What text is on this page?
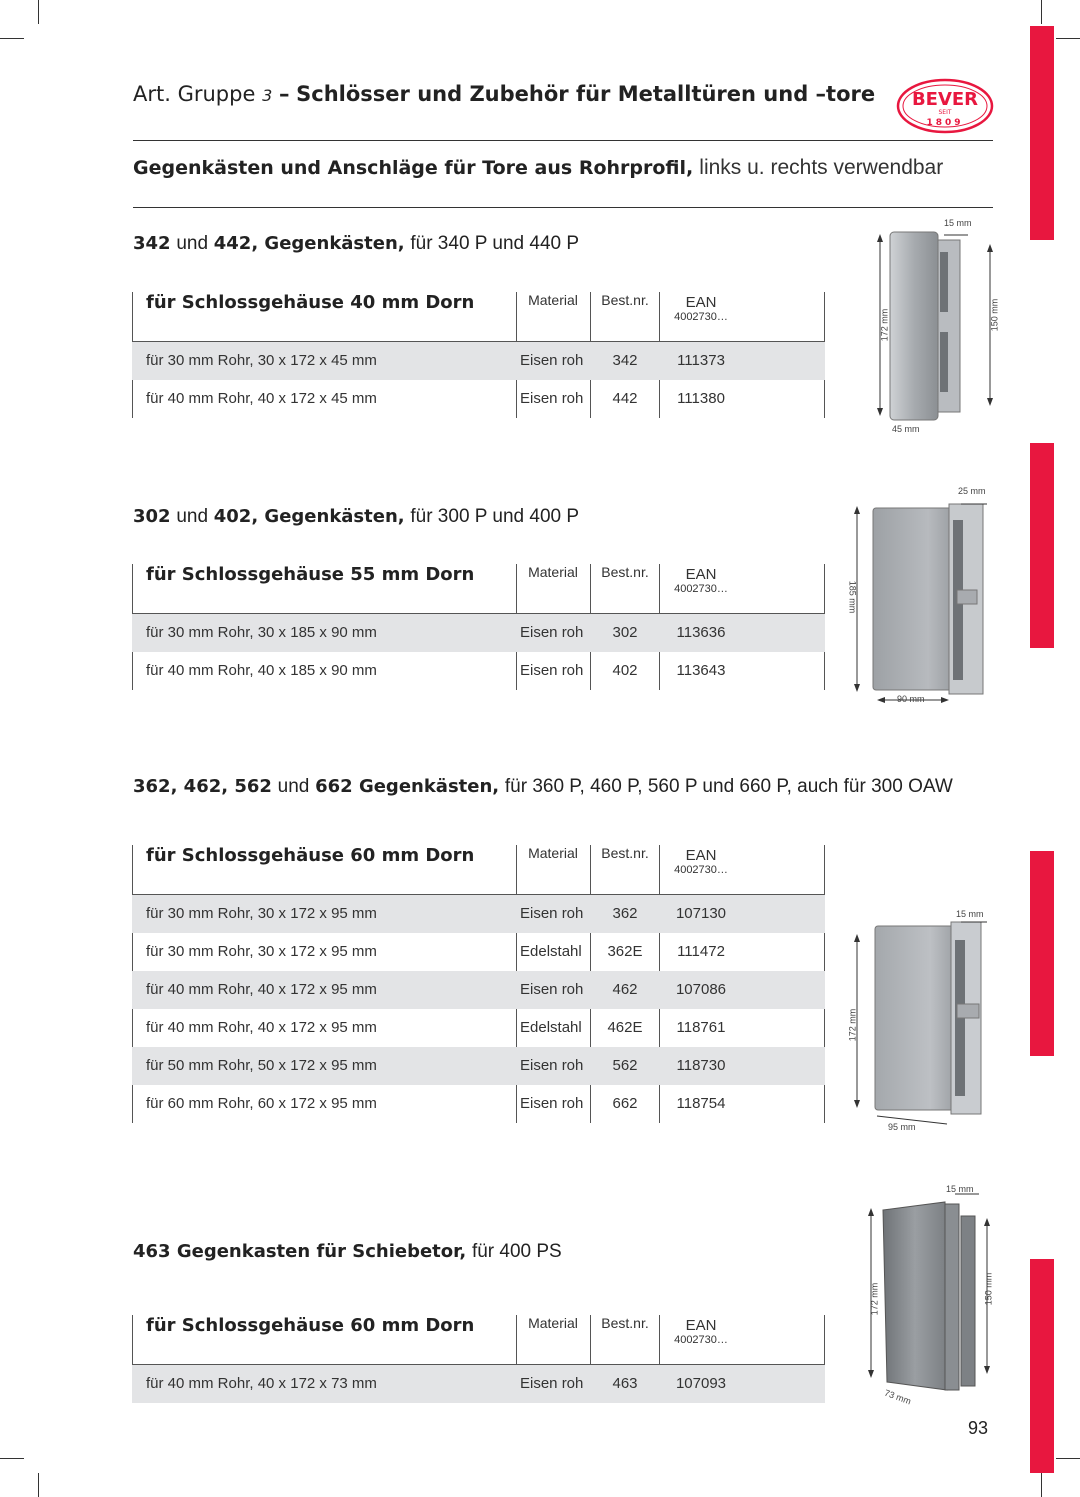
Art. Gruppe 3 – Schlösser und Zubehör für Metalltüren und –tore BEVER
SEIT
1809
Gegenkästen und Anschläge für Tore aus Rohrprofil, links u. rechts verwendbar
342 und 442, Gegenkästen, für 340 P und 440 P
für Schlossgehäuse 40 mm Dorn	Material	Best.nr.	EAN
4002730…
für 30 mm Rohr, 30 x 172 x 45 mm	Eisen roh	342	111373
für 40 mm Rohr, 40 x 172 x 45 mm	Eisen roh	442	111380
15 mm
172 mm	150 mm
45 mm
302 und 402, Gegenkästen, für 300 P und 400 P
für Schlossgehäuse 55 mm Dorn	Material	Best.nr.	EAN
4002730…
für 30 mm Rohr, 30 x 185 x 90 mm	Eisen roh	302	113636
für 40 mm Rohr, 40 x 185 x 90 mm	Eisen roh	402	113643
25 mm
185 mm
90 mm
362, 462, 562 und 662 Gegenkästen, für 360 P, 460 P, 560 P und 660 P, auch für 300 OAW
für Schlossgehäuse 60 mm Dorn	Material	Best.nr.	EAN
4002730…
für 30 mm Rohr, 30 x 172 x 95 mm	Eisen roh	362	107130
für 30 mm Rohr, 30 x 172 x 95 mm	Edelstahl	362E	111472
für 40 mm Rohr, 40 x 172 x 95 mm	Eisen roh	462	107086
für 40 mm Rohr, 40 x 172 x 95 mm	Edelstahl	462E	118761
für 50 mm Rohr, 50 x 172 x 95 mm	Eisen roh	562	118730
für 60 mm Rohr, 60 x 172 x 95 mm	Eisen roh	662	118754
15 mm
172 mm
95 mm
463 Gegenkasten für Schiebetor, für 400 PS
für Schlossgehäuse 60 mm Dorn	Material	Best.nr.	EAN
4002730…
für 40 mm Rohr, 40 x 172 x 73 mm	Eisen roh	463	107093
15 mm
172 mm	150 mm
73 mm
93
